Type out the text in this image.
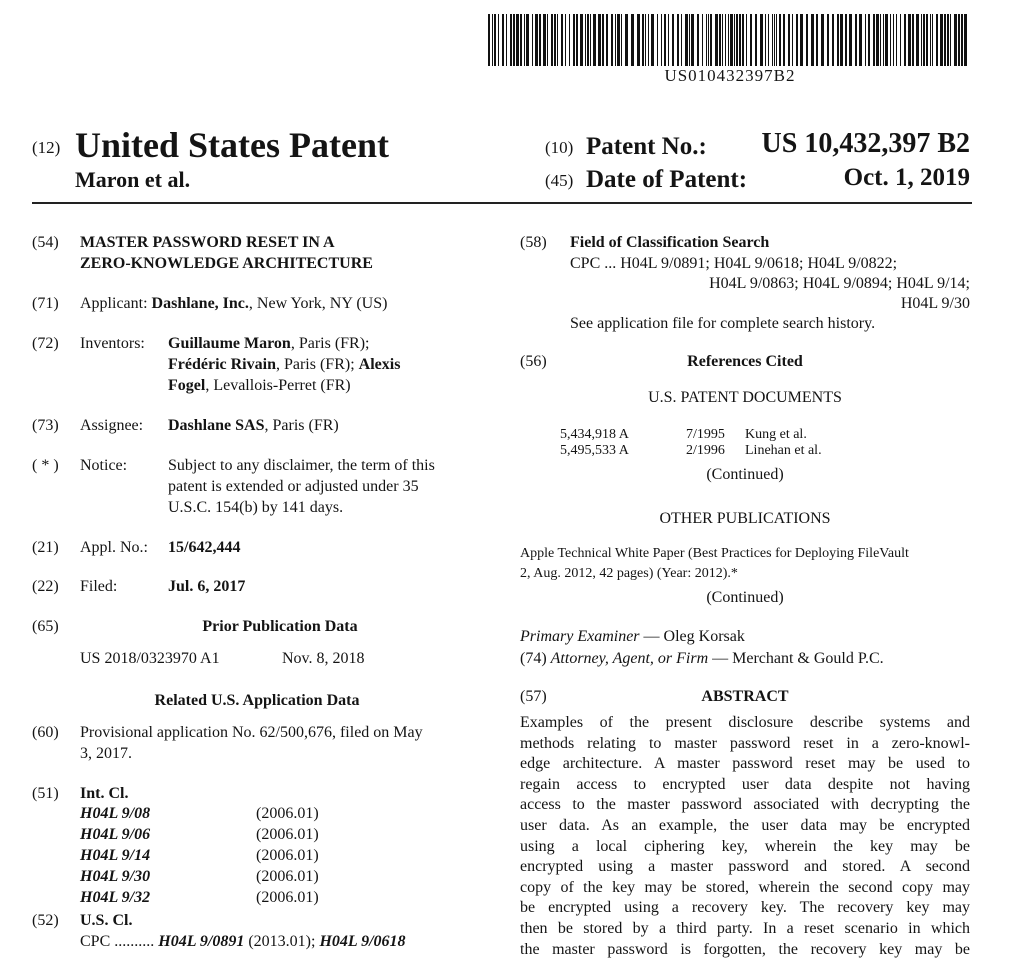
US010432397B2
(12) United States Patent
Maron et al.
(10) Patent No.: US 10,432,397 B2
(45) Date of Patent:	Oct. 1, 2019
(54) MASTER PASSWORD RESET IN A
ZERO-KNOWLEDGE ARCHITECTURE
(71) Applicant: Dashlane, Inc., New York, NY (US)
(72) Inventors: Guillaume Maron, Paris (FR);
Frédéric Rivain, Paris (FR); Alexis
Fogel, Levallois-Perret (FR)
(73) Assignee: Dashlane SAS, Paris (FR)
( * ) Notice:	Subject to any disclaimer, the term of this
patent is extended or adjusted under 35
U.S.C. 154(b) by 141 days.
(21) Appl. No.: 15/642,444
(22) Filed:	Jul. 6, 2017
(65)	Prior Publication Data
US 2018/0323970 A1	Nov. 8, 2018
Related U.S. Application Data
(60) Provisional application No. 62/500,676, filed on May
3, 2017.
(51) Int. Cl.
H04L 9/08	(2006.01)
H04L 9/06	(2006.01)
H04L 9/14	(2006.01)
H04L 9/30	(2006.01)
H04L 9/32	(2006.01)
(52) U.S. Cl.
CPC .......... H04L 9/0891 (2013.01); H04L 9/0618
(58) Field of Classification Search
CPC ... H04L 9/0891; H04L 9/0618; H04L 9/0822;
H04L 9/0863; H04L 9/0894; H04L 9/14;
H04L 9/30
See application file for complete search history.
(56)	References Cited
U.S. PATENT DOCUMENTS
5,434,918 A	7/1995 Kung et al.
5,495,533 A	2/1996 Linehan et al.
(Continued)
OTHER PUBLICATIONS
Apple Technical White Paper (Best Practices for Deploying FileVault
2, Aug. 2012, 42 pages) (Year: 2012).*
(Continued)
Primary Examiner — Oleg Korsak
(74) Attorney, Agent, or Firm — Merchant & Gould P.C.
(57)	ABSTRACT
Examples of the present disclosure describe systems and
methods relating to master password reset in a zero-knowl-
edge architecture. A master password reset may be used to
regain access to encrypted user data despite not having
access to the master password associated with decrypting the
user data. As an example, the user data may be encrypted
using a local ciphering key, wherein the key may be
encrypted using a master password and stored. A second
copy of the key may be stored, wherein the second copy may
be encrypted using a recovery key. The recovery key may
then be stored by a third party. In a reset scenario in which
the master password is forgotten, the recovery key may be
